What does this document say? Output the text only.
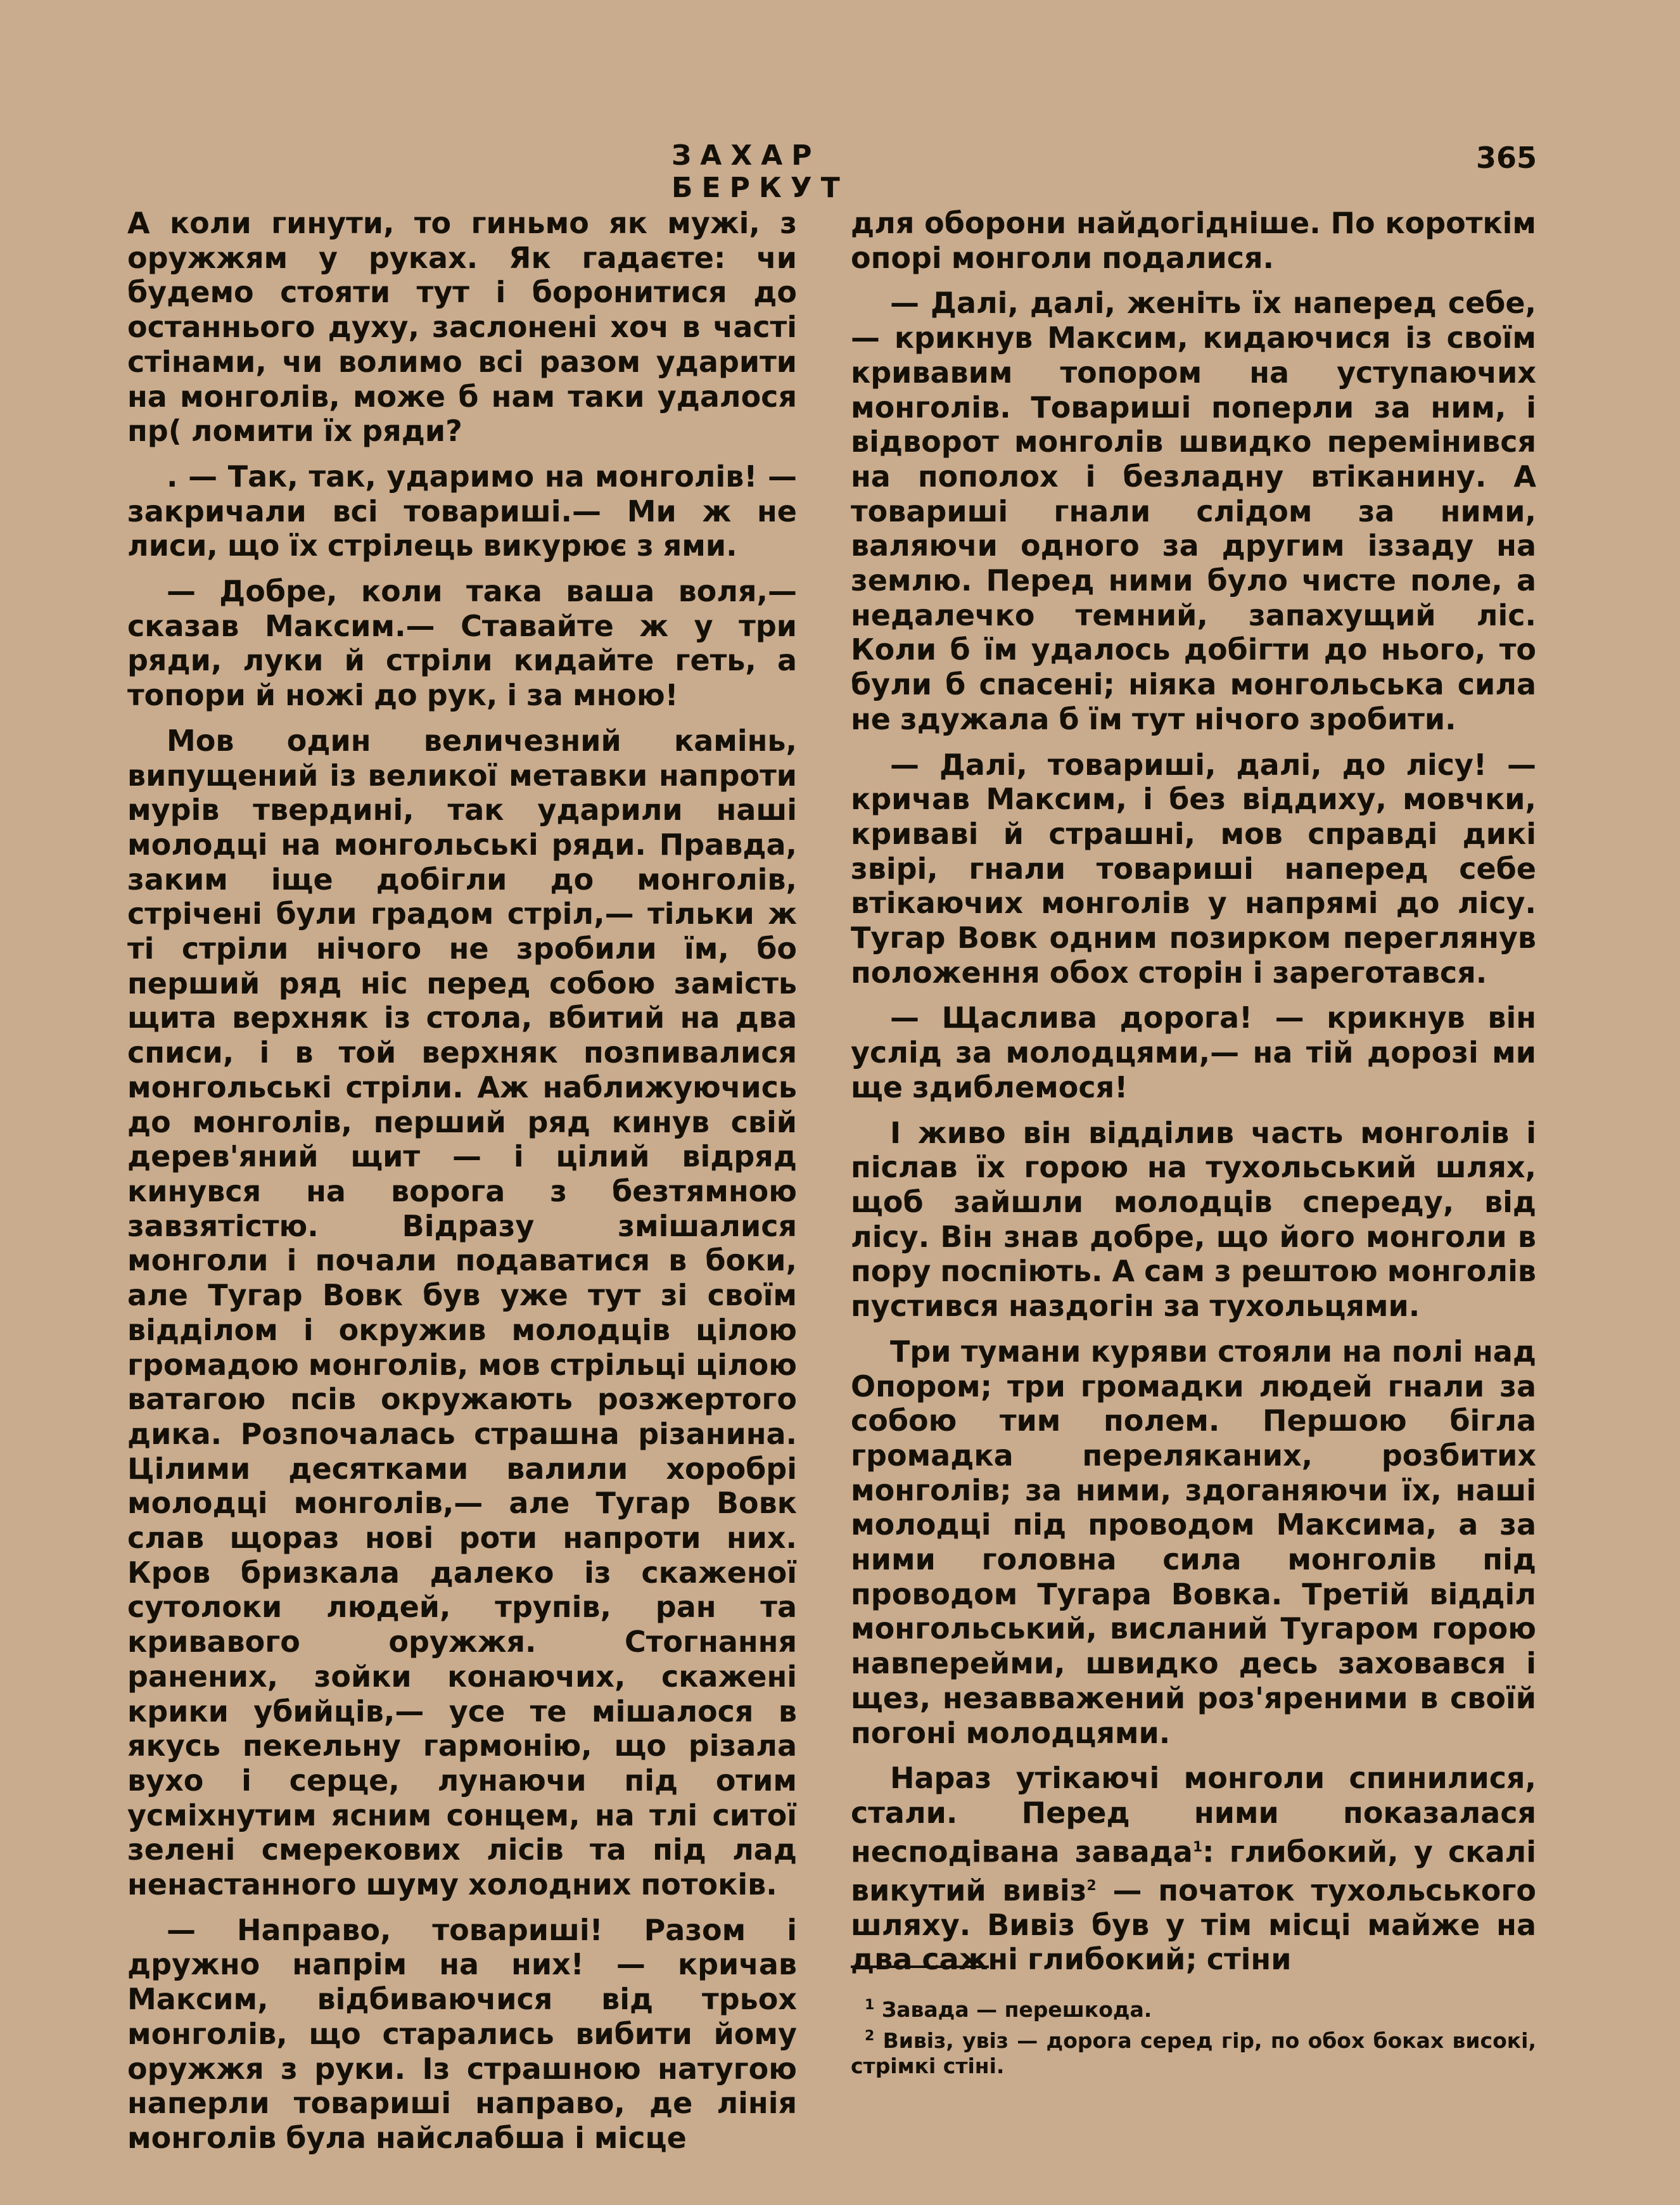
ЗАХАР БЕРКУТ
365

А коли гинути, то гиньмо як мужі, з оружжям у руках. Як гадаєте: чи будемо стояти тут і боронитися до останнього духу, заслонені хоч в часті стінами, чи волимо всі разом ударити на монголів, може б нам таки удалося пр( ломити їх ряди?

. — Так, так, ударимо на монголів! — закричали всі товариші.— Ми ж не лиси, що їх стрілець викурює з ями.

— Добре, коли така ваша воля,— сказав Максим.— Ставайте ж у три ряди, луки й стріли кидайте геть, а топори й ножі до рук, і за мною!

Мов один величезний камінь, випущений із великої метавки напроти мурів твердині, так ударили наші молодці на монгольські ряди. Правда, заким іще добігли до монголів, стрічені були градом стріл,— тільки ж ті стріли нічого не зробили їм, бо перший ряд ніс перед собою замість щита верхняк із стола, вбитий на два списи, і в той верхняк позпивалися монгольські стріли. Аж наближуючись до монголів, перший ряд кинув свій дерев'яний щит — і цілий відряд кинувся на ворога з безтямною завзятістю. Відразу змішалися монголи і почали подаватися в боки, але Тугар Вовк був уже тут зі своїм відділом і окружив молодців цілою громадою монголів, мов стрільці цілою ватагою псів окружають розжертого дика. Розпочалась страшна різанина. Цілими десятками валили хоробрі молодці монголів,— але Тугар Вовк слав щораз нові роти напроти них. Кров бризкала далеко із скаженої сутолоки людей, трупів, ран та кривавого оружжя. Стогнання ранених, зойки конаючих, скажені крики убийців,— усе те мішалося в якусь пекельну гармонію, що різала вухо і серце, лунаючи під отим усміхнутим ясним сонцем, на тлі ситої зелені смерекових лісів та під лад ненастанного шуму холодних потоків.

— Направо, товариші! Разом і дружно напрім на них! — кричав Максим, відбиваючися від трьох монголів, що старались вибити йому оружжя з руки. Із страшною натугою наперли товариші направо, де лінія монголів була найслабша і місце

для оборони найдогідніше. По короткім опорі монголи подалися.

— Далі, далі, женіть їх наперед себе,— крикнув Максим, кидаючися із своїм кривавим топором на уступаючих монголів. Товариші поперли за ним, і відворот монголів швидко перемінився на пополох і безладну втіканину. А товариші гнали слідом за ними, валяючи одного за другим іззаду на землю. Перед ними було чисте поле, а недалечко темний, запахущий ліс. Коли б їм удалось добігти до нього, то були б спасені; ніяка монгольська сила не здужала б їм тут нічого зробити.

— Далі, товариші, далі, до лісу! — кричав Максим, і без віддиху, мовчки, криваві й страшні, мов справді дикі звірі, гнали товариші наперед себе втікаючих монголів у напрямі до лісу. Тугар Вовк одним позирком переглянув положення обох сторін і зареготався.

— Щаслива дорога! — крикнув він услід за молодцями,— на тій дорозі ми ще здиблемося!

І живо він відділив часть монголів і післав їх горою на тухольський шлях, щоб зайшли молодців спереду, від лісу. Він знав добре, що його монголи в пору поспіють. А сам з рештою монголів пустився наздогін за тухольцями.

Три тумани куряви стояли на полі над Опором; три громадки людей гнали за собою тим полем. Першою бігла громадка переляканих, розбитих монголів; за ними, здоганяючи їх, наші молодці під проводом Максима, а за ними головна сила монголів під проводом Тугара Вовка. Третій відділ монгольський, висланий Тугаром горою навперейми, швидко десь заховався і щез, незавважений роз'яреними в своїй погоні молодцями.

Нараз утікаючі монголи спинилися, стали. Перед ними показалася несподівана завада$^1$: глибокий, у скалі викутий вивіз$^2$ — початок тухольського шляху. Вивіз був у тім місці майже на два сажні глибокий; стіни

$^1$ Завада — перешкода.

$^2$ Вивіз, увіз — дорога серед гір, по обох боках високі, стрімкі стіні.
